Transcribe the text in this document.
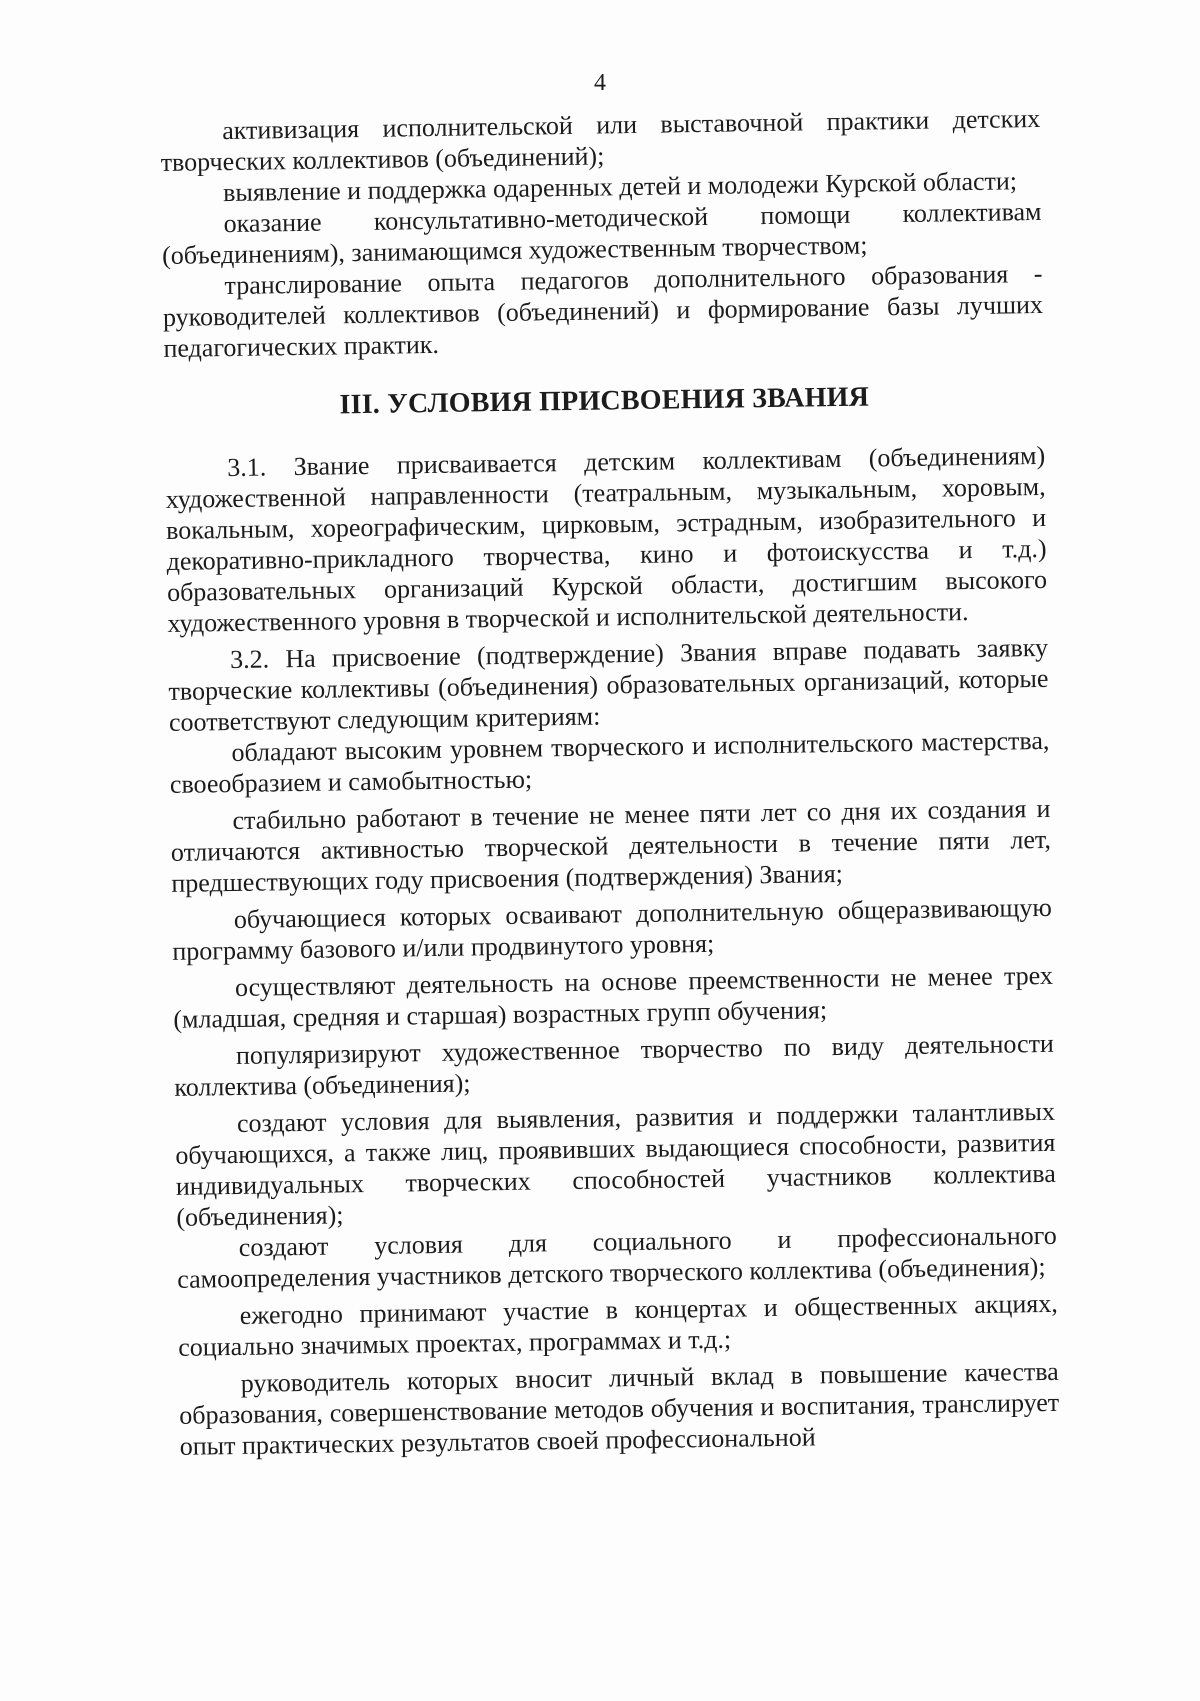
4

активизация исполнительской или выставочной практики детских творческих коллективов (объединений);

выявление и поддержка одаренных детей и молодежи Курской области;

оказание консультативно-методической помощи коллективам (объединениям), занимающимся художественным творчеством;

транслирование опыта педагогов дополнительного образования - руководителей коллективов (объединений) и формирование базы лучших педагогических практик.

III. УСЛОВИЯ ПРИСВОЕНИЯ ЗВАНИЯ

3.1. Звание присваивается детским коллективам (объединениям) художественной направленности (театральным, музыкальным, хоровым, вокальным, хореографическим, цирковым, эстрадным, изобразительного и декоративно-прикладного творчества, кино и фотоискусства и т.д.) образовательных организаций Курской области, достигшим высокого художественного уровня в творческой и исполнительской деятельности.

3.2. На присвоение (подтверждение) Звания вправе подавать заявку творческие коллективы (объединения) образовательных организаций, которые соответствуют следующим критериям:

обладают высоким уровнем творческого и исполнительского мастерства, своеобразием и самобытностью;

стабильно работают в течение не менее пяти лет со дня их создания и отличаются активностью творческой деятельности в течение пяти лет, предшествующих году присвоения (подтверждения) Звания;

обучающиеся которых осваивают дополнительную общеразвивающую программу базового и/или продвинутого уровня;

осуществляют деятельность на основе преемственности не менее трех (младшая, средняя и старшая) возрастных групп обучения;

популяризируют художественное творчество по виду деятельности коллектива (объединения);

создают условия для выявления, развития и поддержки талантливых обучающихся, а также лиц, проявивших выдающиеся способности, развития индивидуальных творческих способностей участников коллектива (объединения);

создают условия для социального и профессионального самоопределения участников детского творческого коллектива (объединения);

ежегодно принимают участие в концертах и общественных акциях, социально значимых проектах, программах и т.д.;

руководитель которых вносит личный вклад в повышение качества образования, совершенствование методов обучения и воспитания, транслирует опыт практических результатов своей профессиональной
